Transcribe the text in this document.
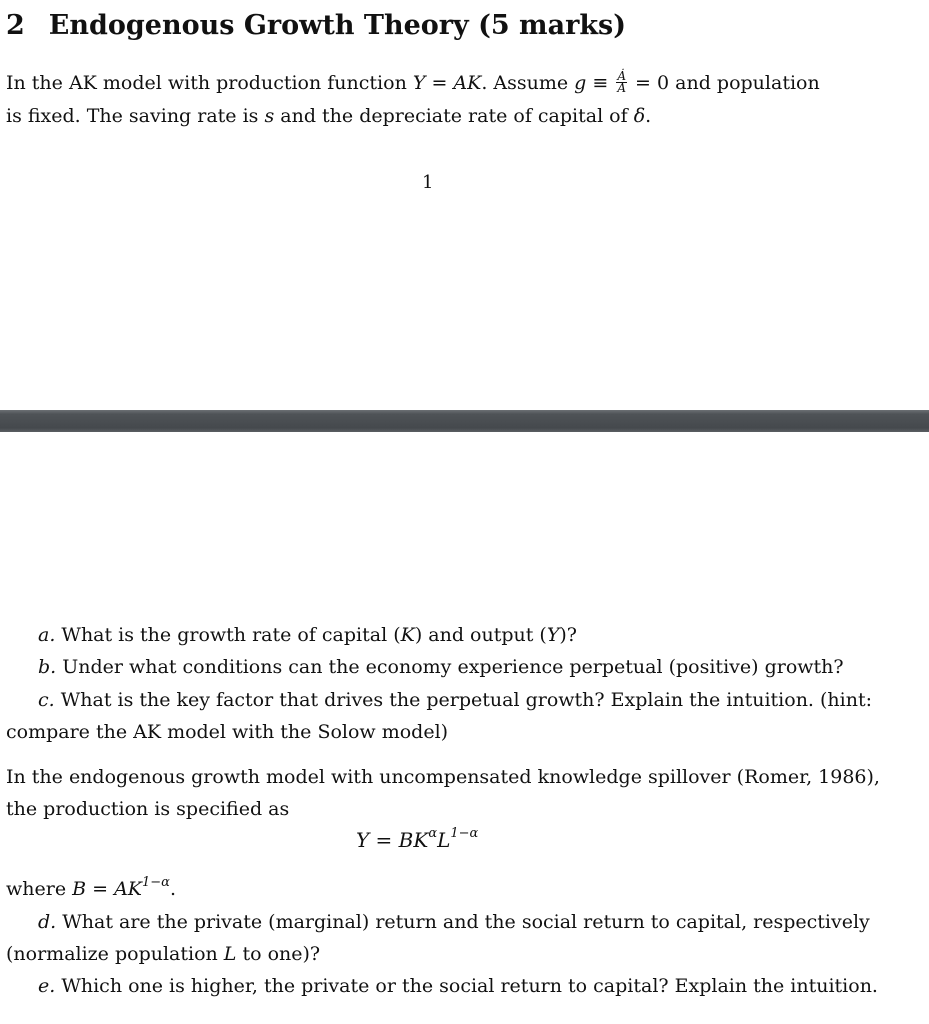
2 Endogenous Growth Theory (5 marks)
In the AK model with production function Y = AK. Assume $g \equiv \frac{Ȧ}{A} = 0$ and population
is fixed. The saving rate is s and the depreciate rate of capital of δ.
1
a. What is the growth rate of capital (K) and output (Y)?
b. Under what conditions can the economy experience perpetual (positive) growth?
c. What is the key factor that drives the perpetual growth? Explain the intuition. (hint:
compare the AK model with the Solow model)
In the endogenous growth model with uncompensated knowledge spillover (Romer, 1986),
the production is specified as
$Y = BK^\alpha L^{1-\alpha}$
where $B = AK^{1-\alpha}$.
d. What are the private (marginal) return and the social return to capital, respectively
(normalize population L to one)?
e. Which one is higher, the private or the social return to capital? Explain the intuition.
